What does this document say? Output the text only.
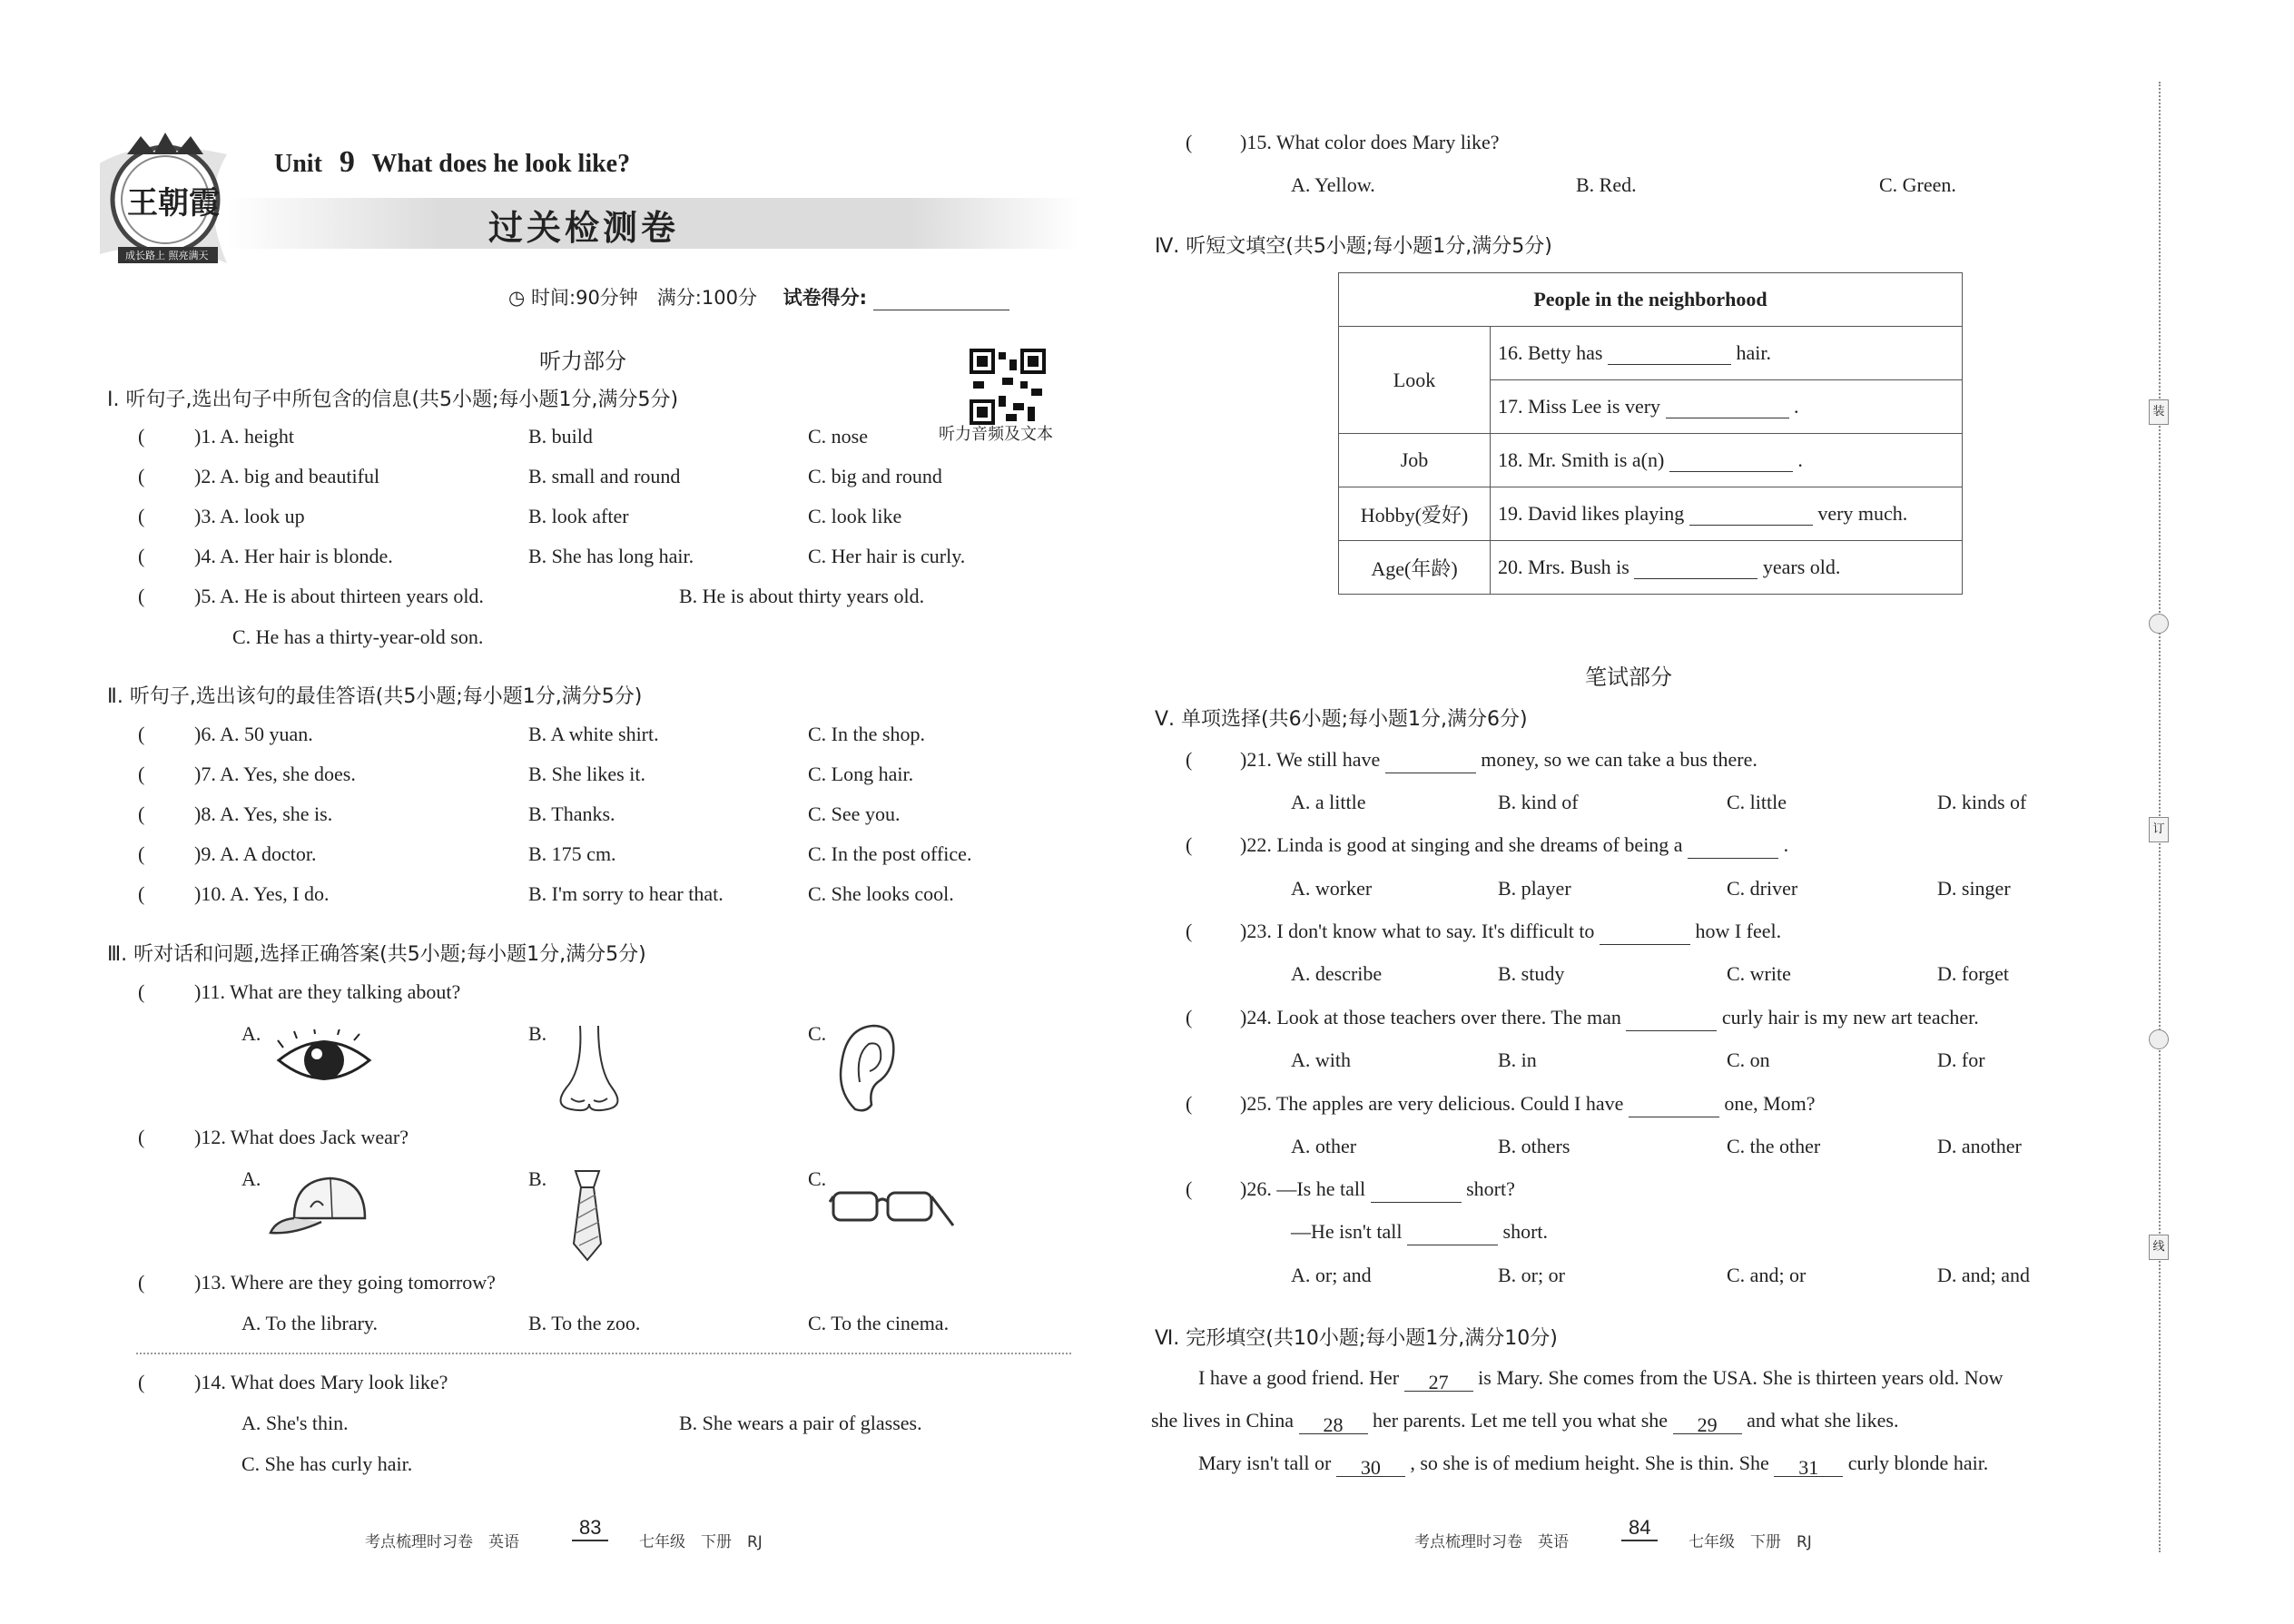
王朝霞
成长路上 照亮满天
Unit 9 What does he look like?
过关检测卷
◷ 时间:90分钟　满分:100分 试卷得分:
听力部分
听力音频及文本
Ⅰ. 听句子,选出句子中所包含的信息(共5小题;每小题1分,满分5分)
( )1. A. height	B. build	C. nose
( )2. A. big and beautiful	B. small and round	C. big and round
( )3. A. look up	B. look after	C. look like
( )4. A. Her hair is blonde.	B. She has long hair.	C. Her hair is curly.
( )5. A. He is about thirteen years old.	B. He is about thirty years old.
C. He has a thirty-year-old son.
Ⅱ. 听句子,选出该句的最佳答语(共5小题;每小题1分,满分5分)
( )6. A. 50 yuan.	B. A white shirt.	C. In the shop.
( )7. A. Yes, she does.	B. She likes it.	C. Long hair.
( )8. A. Yes, she is.	B. Thanks.	C. See you.
( )9. A. A doctor.	B. 175 cm.	C. In the post office.
( )10. A. Yes, I do.	B. I'm sorry to hear that.	C. She looks cool.
Ⅲ. 听对话和问题,选择正确答案(共5小题;每小题1分,满分5分)
( )11. What are they talking about?
A.	B.	C.
( )12. What does Jack wear?
A.	B.	C.
( )13. Where are they going tomorrow?
A. To the library.	B. To the zoo.	C. To the cinema.
( )14. What does Mary look like?
A. She's thin.	B. She wears a pair of glasses.
C. She has curly hair.
考点梳理时习卷　英语
83
七年级　下册　RJ
( )15. What color does Mary like?
A. Yellow.	B. Red.	C. Green.
Ⅳ. 听短文填空(共5小题;每小题1分,满分5分)
People in the neighborhood	
Look	16. Betty has hair.
	17. Miss Lee is very .
Job	18. Mr. Smith is a(n) .
Hobby(爱好)	19. David likes playing very much.
Age(年龄)	20. Mrs. Bush is years old.
笔试部分
Ⅴ. 单项选择(共6小题;每小题1分,满分6分)
( )21. We still have	money, so we can take a bus there.
A. a little	B. kind of	C. little	D. kinds of
( )22. Linda is good at singing and she dreams of being a	.
A. worker	B. player	C. driver	D. singer
( )23. I don't know what to say. It's difficult to	how I feel.
A. describe	B. study	C. write	D. forget
( )24. Look at those teachers over there. The man	curly hair is my new art teacher.
A. with	B. in	C. on	D. for
( )25. The apples are very delicious. Could I have	one, Mom?
A. other	B. others	C. the other	D. another
( )26. —Is he tall	short?
—He isn't tall	short.
A. or; and	B. or; or	C. and; or	D. and; and
Ⅵ. 完形填空(共10小题;每小题1分,满分10分)
I have a good friend. Her 27 is Mary. She comes from the USA. She is thirteen years old. Now
she lives in China 28 her parents. Let me tell you what she 29 and what she likes.
Mary isn't tall or 30 , so she is of medium height. She is thin. She 31 curly blonde hair.
考点梳理时习卷　英语
84
七年级　下册　RJ
装
订
线
